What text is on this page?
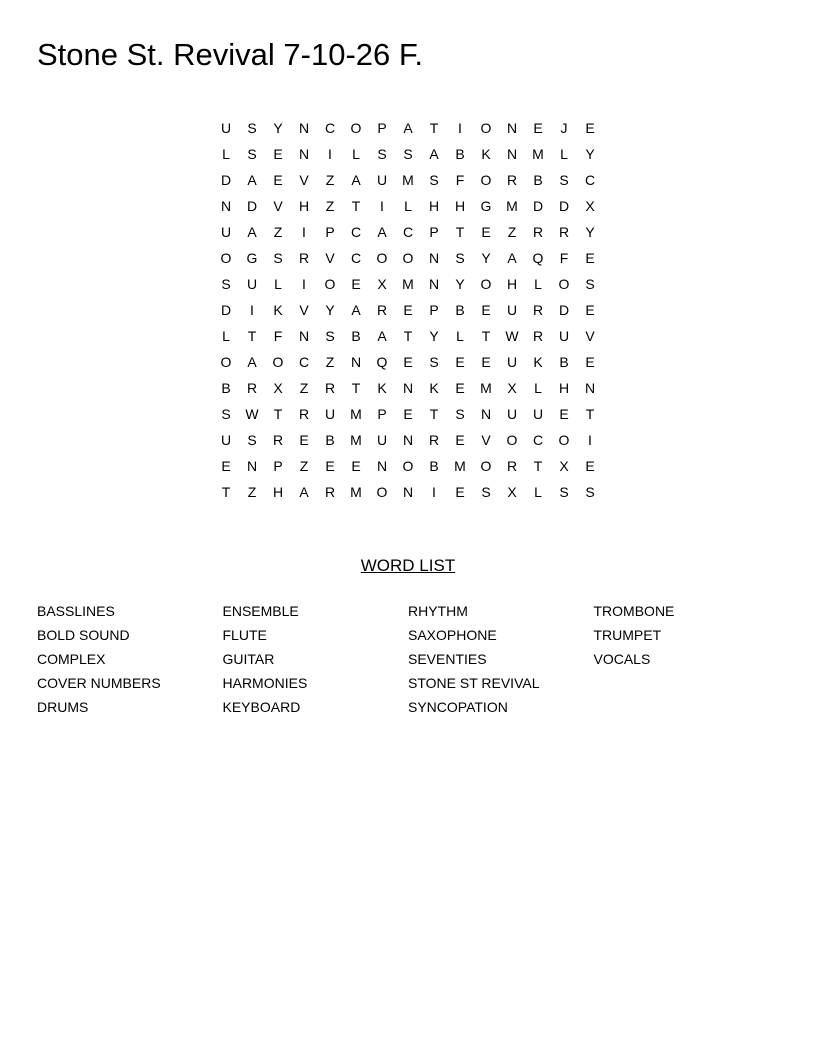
Stone St. Revival 7-10-26 F.
U	S	Y	N	C	O	P	A	T	I	O	N	E	J	E
L	S	E	N	I	L	S	S	A	B	K	N	M	L	Y
D	A	E	V	Z	A	U	M	S	F	O	R	B	S	C
N	D	V	H	Z	T	I	L	H	H	G	M	D	D	X
U	A	Z	I	P	C	A	C	P	T	E	Z	R	R	Y
O	G	S	R	V	C	O	O	N	S	Y	A	Q	F	E
S	U	L	I	O	E	X	M	N	Y	O	H	L	O	S
D	I	K	V	Y	A	R	E	P	B	E	U	R	D	E
L	T	F	N	S	B	A	T	Y	L	T	W	R	U	V
O	A	O	C	Z	N	Q	E	S	E	E	U	K	B	E
B	R	X	Z	R	T	K	N	K	E	M	X	L	H	N
S	W	T	R	U	M	P	E	T	S	N	U	U	E	T
U	S	R	E	B	M	U	N	R	E	V	O	C	O	I
E	N	P	Z	E	E	N	O	B	M	O	R	T	X	E
T	Z	H	A	R	M	O	N	I	E	S	X	L	S	S
WORD LIST
BASSLINES
BOLD SOUND
COMPLEX
COVER NUMBERS
DRUMS
ENSEMBLE
FLUTE
GUITAR
HARMONIES
KEYBOARD
RHYTHM
SAXOPHONE
SEVENTIES
STONE ST REVIVAL
SYNCOPATION
TROMBONE
TRUMPET
VOCALS
